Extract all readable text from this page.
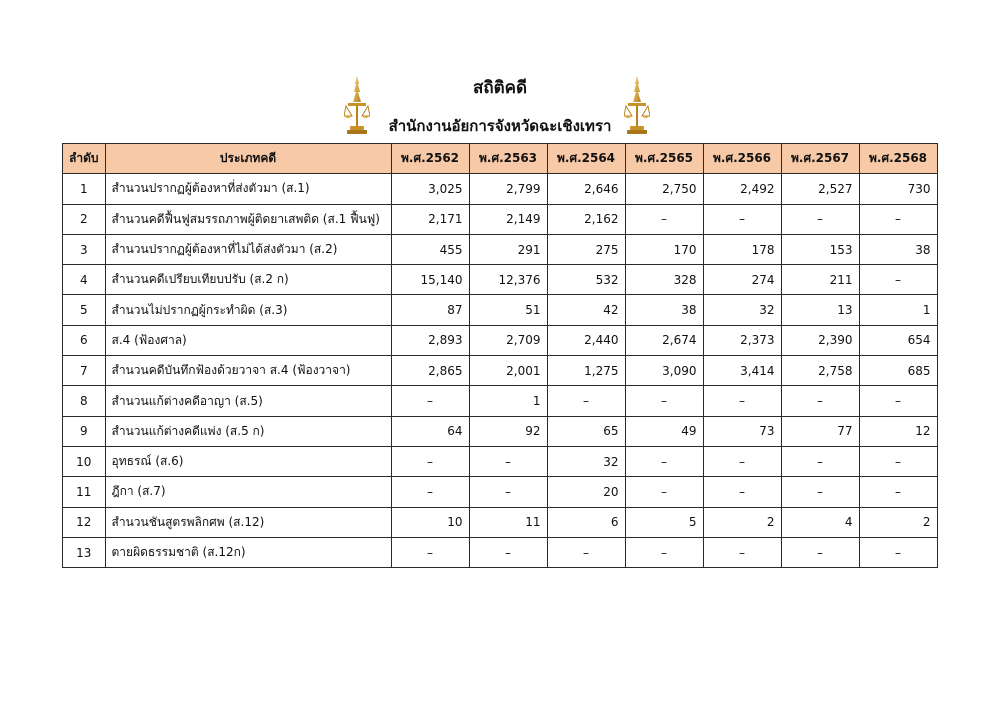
สถิติคดี
สำนักงานอัยการจังหวัดฉะเชิงเทรา
ลำดับ	ประเภทคดี	พ.ศ.2562	พ.ศ.2563	พ.ศ.2564	พ.ศ.2565	พ.ศ.2566	พ.ศ.2567	พ.ศ.2568
1	สำนวนปรากฏผู้ต้องหาที่ส่งตัวมา (ส.1)	3,025	2,799	2,646	2,750	2,492	2,527	730
2	สำนวนคดีฟื้นฟูสมรรถภาพผู้ติดยาเสพติด (ส.1 ฟื้นฟู)	2,171	2,149	2,162	–	–	–	–
3	สำนวนปรากฏผู้ต้องหาที่ไม่ได้ส่งตัวมา (ส.2)	455	291	275	170	178	153	38
4	สำนวนคดีเปรียบเทียบปรับ (ส.2 ก)	15,140	12,376	532	328	274	211	–
5	สำนวนไม่ปรากฏผู้กระทำผิด (ส.3)	87	51	42	38	32	13	1
6	ส.4 (ฟ้องศาล)	2,893	2,709	2,440	2,674	2,373	2,390	654
7	สำนวนคดีบันทึกฟ้องด้วยวาจา ส.4 (ฟ้องวาจา)	2,865	2,001	1,275	3,090	3,414	2,758	685
8	สำนวนแก้ต่างคดีอาญา (ส.5)	–	1	–	–	–	–	–
9	สำนวนแก้ต่างคดีแพ่ง (ส.5 ก)	64	92	65	49	73	77	12
10	อุทธรณ์ (ส.6)	–	–	32	–	–	–	–
11	ฎีกา (ส.7)	–	–	20	–	–	–	–
12	สำนวนชันสูตรพลิกศพ (ส.12)	10	11	6	5	2	4	2
13	ตายผิดธรรมชาติ (ส.12ก)	–	–	–	–	–	–	–
